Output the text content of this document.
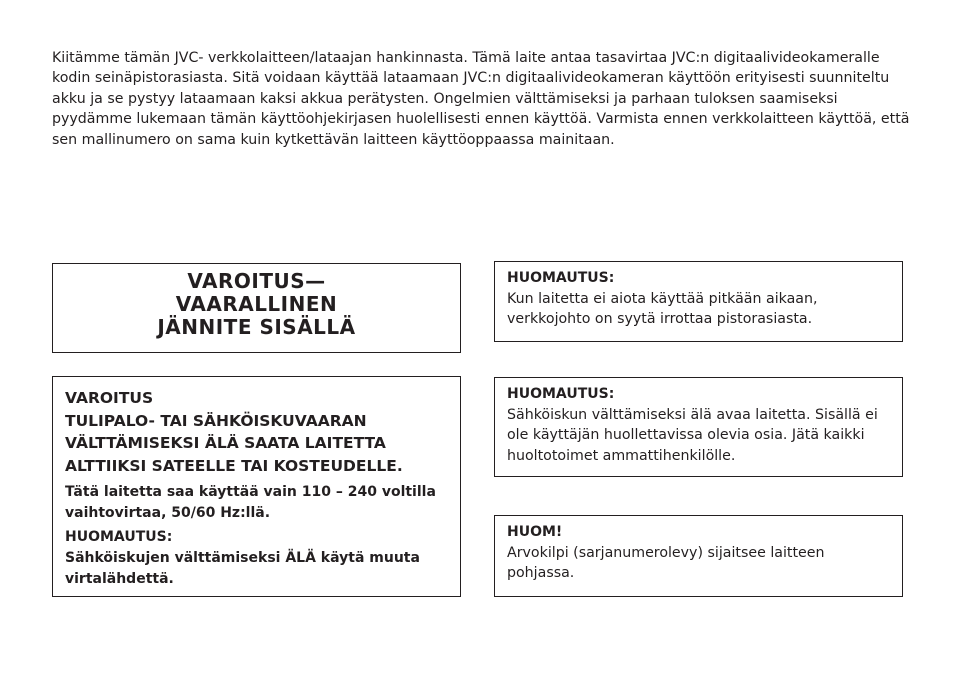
Kiitämme tämän JVC- verkkolaitteen/lataajan hankinnasta. Tämä laite antaa tasavirtaa JVC:n digitaalivideokameralle kodin seinäpistorasiasta. Sitä voidaan käyttää lataamaan JVC:n digitaalivideokameran käyttöön erityisesti suunniteltu akku ja se pystyy lataamaan kaksi akkua perätysten. Ongelmien välttämiseksi ja parhaan tuloksen saamiseksi pyydämme lukemaan tämän käyttöohjekirjasen huolellisesti ennen käyttöä. Varmista ennen verkkolaitteen käyttöä, että sen mallinumero on sama kuin kytkettävän laitteen käyttöoppaassa mainitaan.

VAROITUS—
VAARALLINEN
JÄNNITE SISÄLLÄ
VAROITUS
TULIPALO- TAI SÄHKÖISKUVAARAN
VÄLTTÄMISEKSI ÄLÄ SAATA LAITETTA
ALTTIIKSI SATEELLE TAI KOSTEUDELLE.
Tätä laitetta saa käyttää vain 110 – 240 voltilla vaihtovirtaa, 50/60 Hz:llä.
HUOMAUTUS:
Sähköiskujen välttämiseksi ÄLÄ käytä muuta virtalähdettä.
HUOMAUTUS:
Kun laitetta ei aiota käyttää pitkään aikaan, verkkojohto on syytä irrottaa pistorasiasta.
HUOMAUTUS:
Sähköiskun välttämiseksi älä avaa laitetta. Sisällä ei ole käyttäjän huollettavissa olevia osia. Jätä kaikki huoltotoimet ammattihenkilölle.
HUOM!
Arvokilpi (sarjanumerolevy) sijaitsee laitteen pohjassa.
